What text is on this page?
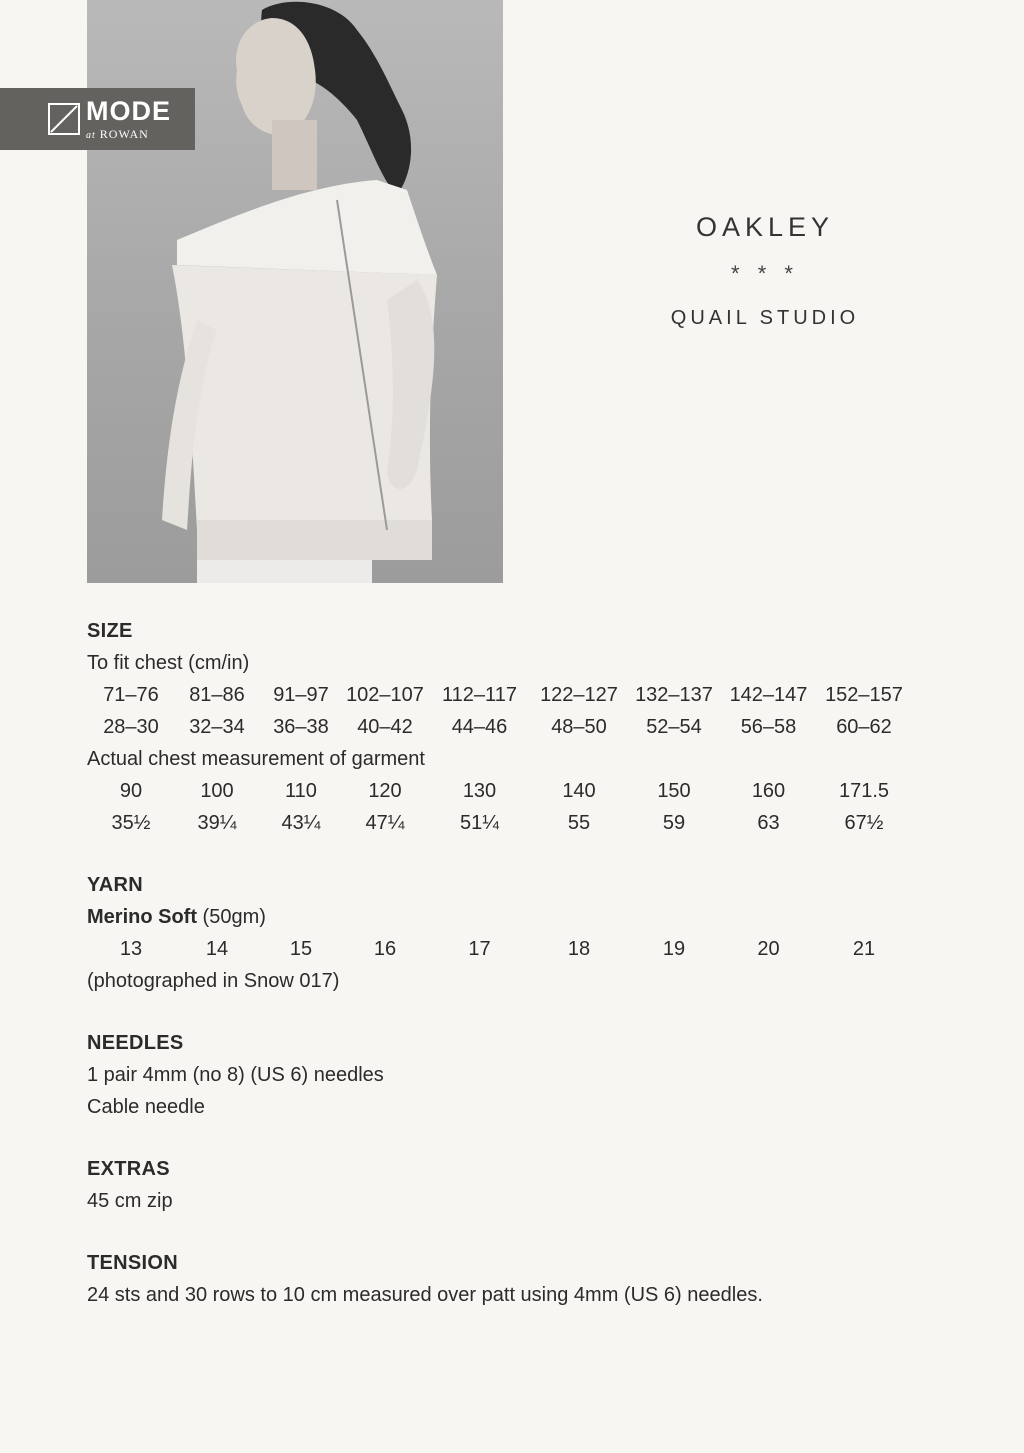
MODE
at ROWAN
OAKLEY
* * *
QUAIL STUDIO
SIZE
To fit chest (cm/in)
71–76	81–86	91–97 102–107 112–117	122–127 132–137 142–147 152–157
28–30	32–34	36–38	40–42	44–46	48–50	52–54	56–58	60–62
Actual chest measurement of garment
90	100	110	120	130	140	150	160	171.5
35½	39¼	43¼	47¼	51¼	55	59	63	67½
YARN
Merino Soft (50gm)
13	14	15	16	17	18	19	20	21
(photographed in Snow 017)
NEEDLES
1 pair 4mm (no 8) (US 6) needles
Cable needle
EXTRAS
45 cm zip
TENSION
24 sts and 30 rows to 10 cm measured over patt using 4mm (US 6) needles.
